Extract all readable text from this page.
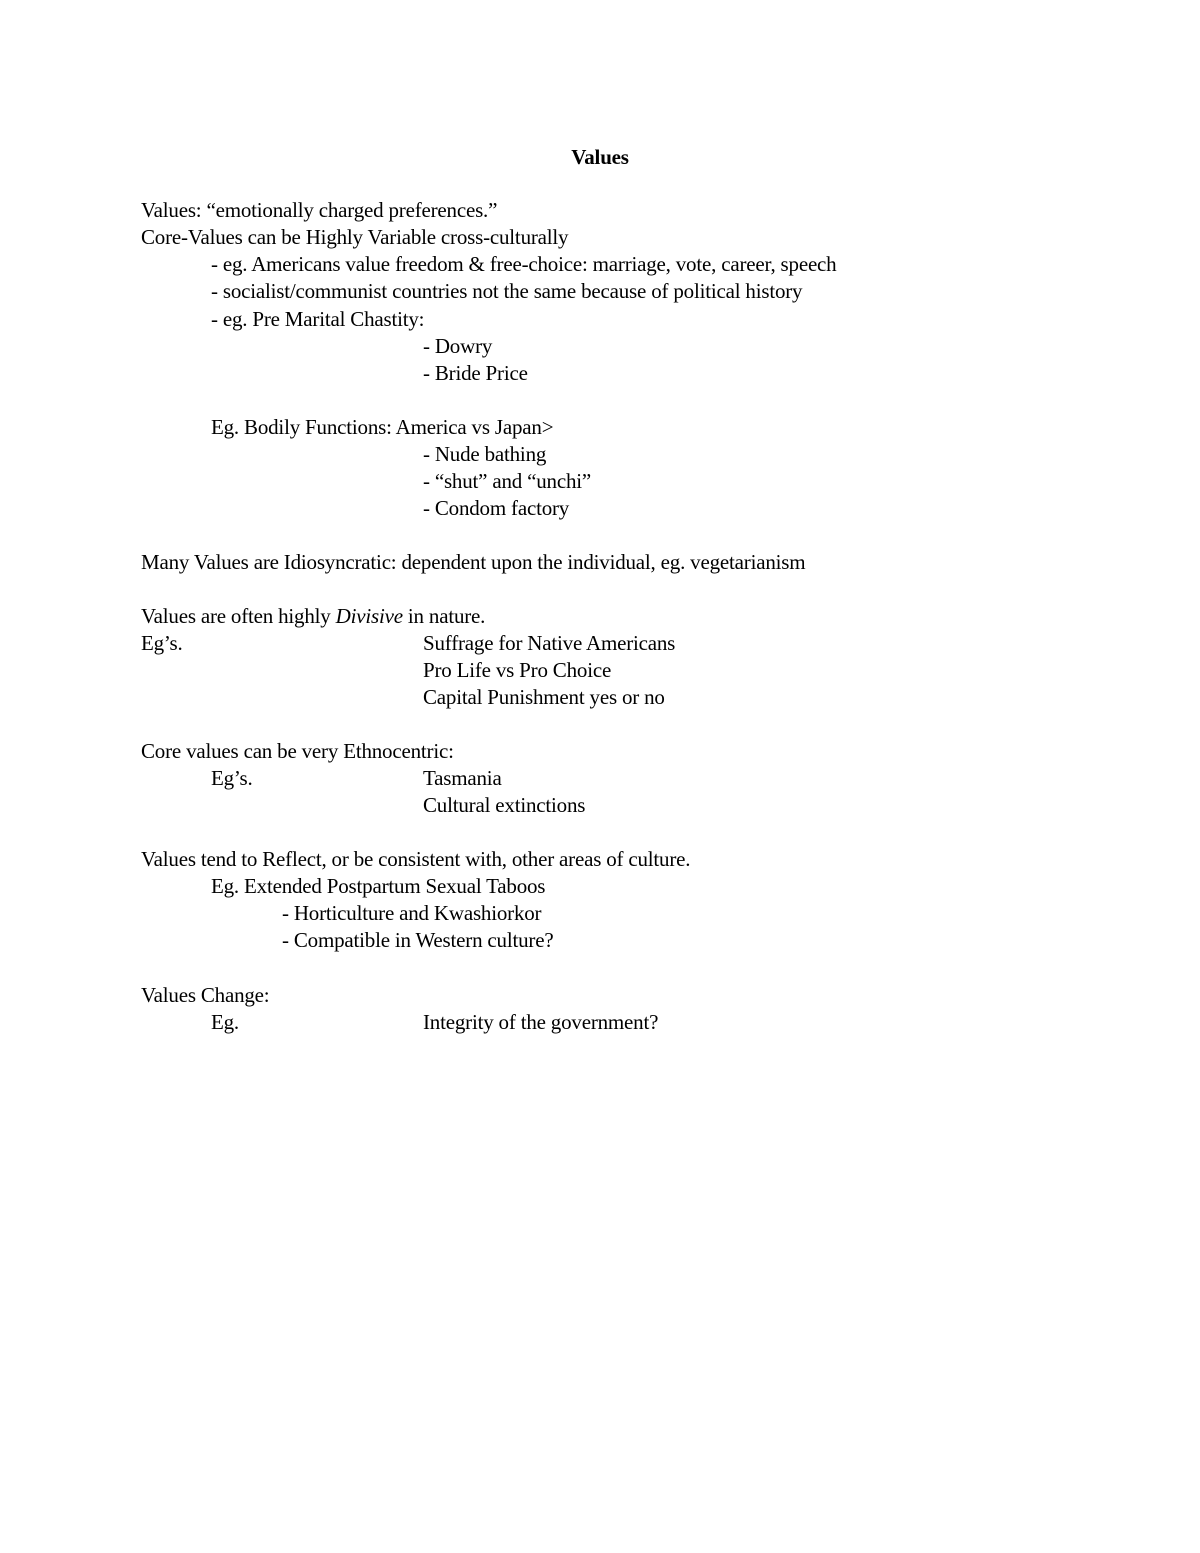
Values
Values: “emotionally charged preferences.”
Core-Values can be Highly Variable cross-culturally
- eg. Americans value freedom & free-choice: marriage, vote, career, speech
- socialist/communist countries not the same because of political history
- eg. Pre Marital Chastity:
- Dowry
- Bride Price
Eg. Bodily Functions: America vs Japan>
- Nude bathing
- “shut” and “unchi”
- Condom factory
Many Values are Idiosyncratic: dependent upon the individual, eg. vegetarianism
Values are often highly Divisive in nature.
Eg’s.	Suffrage for Native Americans
Pro Life vs Pro Choice
Capital Punishment yes or no
Core values can be very Ethnocentric:
Eg’s.	Tasmania
Cultural extinctions
Values tend to Reflect, or be consistent with, other areas of culture.
Eg. Extended Postpartum Sexual Taboos
- Horticulture and Kwashiorkor
- Compatible in Western culture?
Values Change:
Eg.	Integrity of the government?
